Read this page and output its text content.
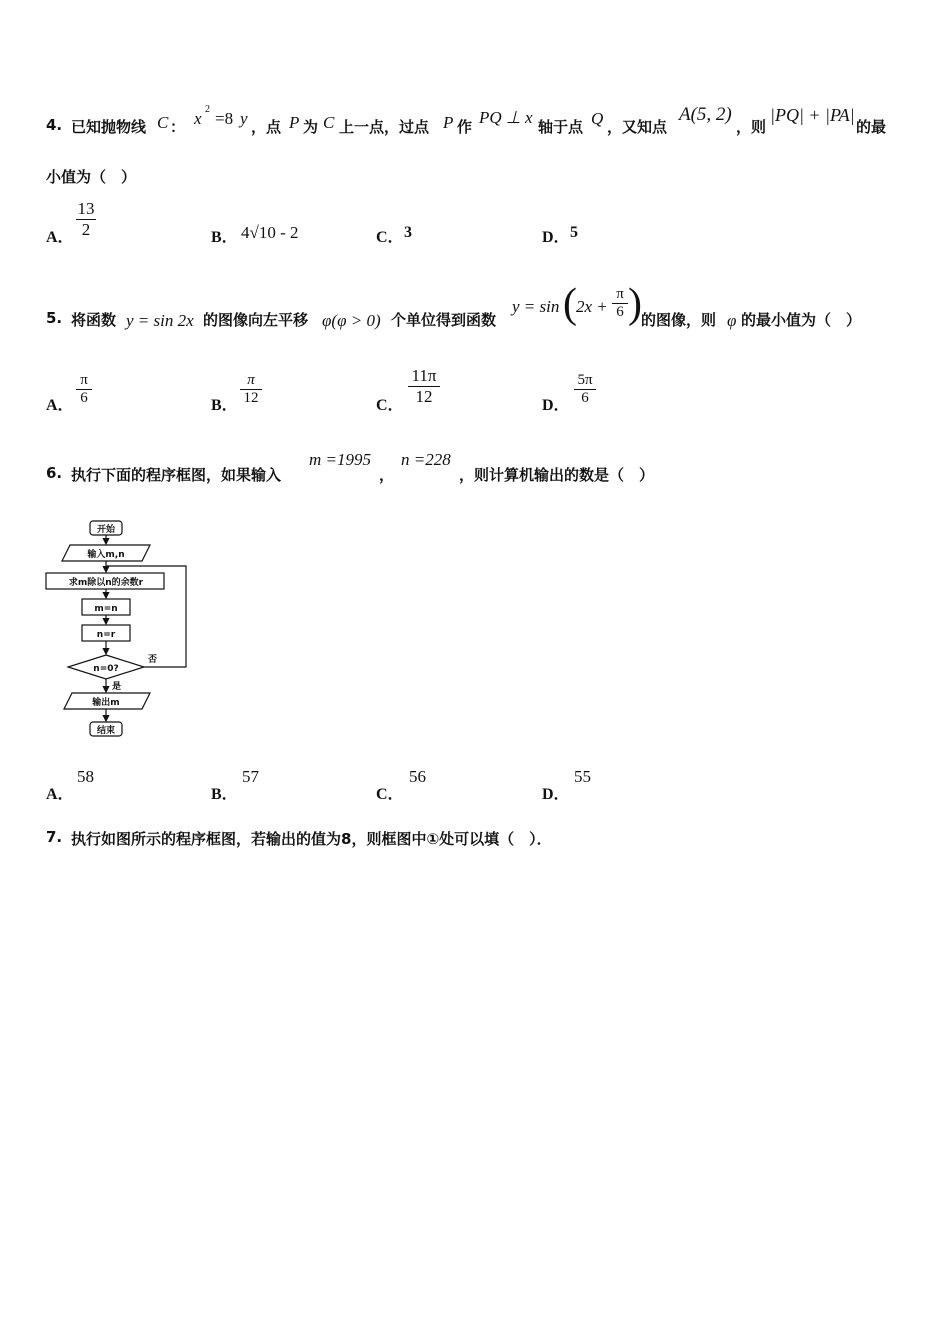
4. 已知抛物线 C ： x 2 =8 y ，点 P 为 C 上一点，过点 P 作 PQ ⊥ x 轴于点 Q ，又知点
A(5, 2)
，则
|PQ| + |PA|
的最
小值为（　）
A． $\frac{13}{2}$	B． 4√10 - 2	C． 3	D． 5
5. 将函数 y = sin 2x 的图像向左平移 φ(φ > 0) 个单位得到函数
y = sin ( $2x + \frac{\pi}{6}$ ) 的图像，则 φ 的最小值为（　）
A． $\frac{\pi}{6}$	B． $\frac{\pi}{12}$	C． $\frac{11\pi}{12}$	D． $\frac{5\pi}{6}$
6. 执行下面的程序框图，如果输入
m =1995
，
n =228
，则计算机输出的数是（　）
开始
输入m,n
求m除以n的余数r
m=n
n=r
n=0?
否
是
输出m
结束
A．
58
B．
57
C．
56
D．
55
7. 执行如图所示的程序框图，若输出的值为8，则框图中①处可以填（　）．
